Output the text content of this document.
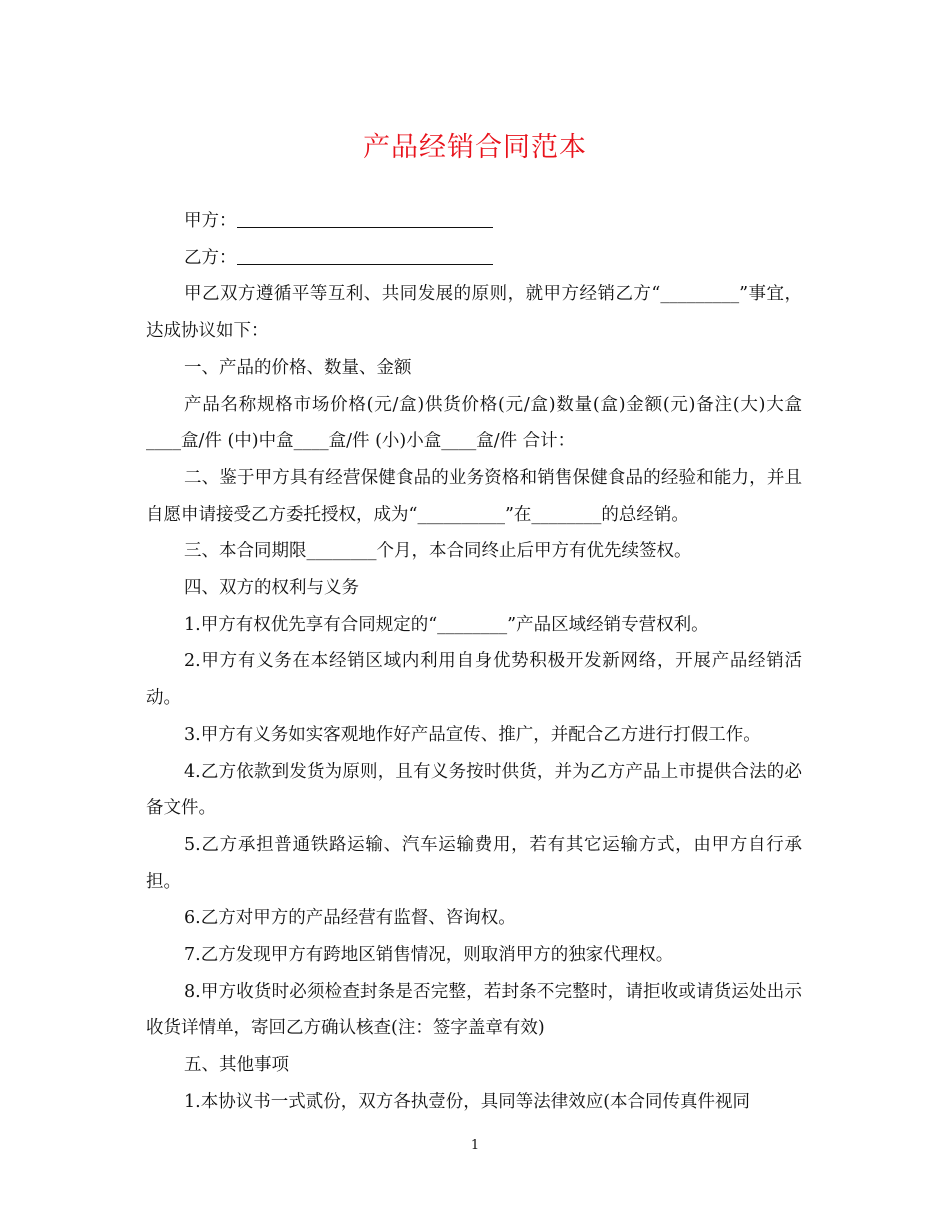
产品经销合同范本

甲方：

乙方：

甲乙双方遵循平等互利、共同发展的原则，就甲方经销乙方“_________”事宜，达成协议如下：

一、产品的价格、数量、金额

产品名称规格市场价格(元/盒)供货价格(元/盒)数量(盒)金额(元)备注(大)大盒____盒/件 (中)中盒____盒/件 (小)小盒____盒/件 合计：

二、鉴于甲方具有经营保健食品的业务资格和销售保健食品的经验和能力，并且自愿申请接受乙方委托授权，成为“__________”在________的总经销。

三、本合同期限________个月，本合同终止后甲方有优先续签权。

四、双方的权利与义务

1.甲方有权优先享有合同规定的“________”产品区域经销专营权利。

2.甲方有义务在本经销区域内利用自身优势积极开发新网络，开展产品经销活动。

3.甲方有义务如实客观地作好产品宣传、推广，并配合乙方进行打假工作。

4.乙方依款到发货为原则，且有义务按时供货，并为乙方产品上市提供合法的必备文件。

5.乙方承担普通铁路运输、汽车运输费用，若有其它运输方式，由甲方自行承担。

6.乙方对甲方的产品经营有监督、咨询权。

7.乙方发现甲方有跨地区销售情况，则取消甲方的独家代理权。

8.甲方收货时必须检查封条是否完整，若封条不完整时，请拒收或请货运处出示收货详情单，寄回乙方确认核查(注：签字盖章有效)

五、其他事项

1.本协议书一式贰份，双方各执壹份，具同等法律效应(本合同传真件视同

1
